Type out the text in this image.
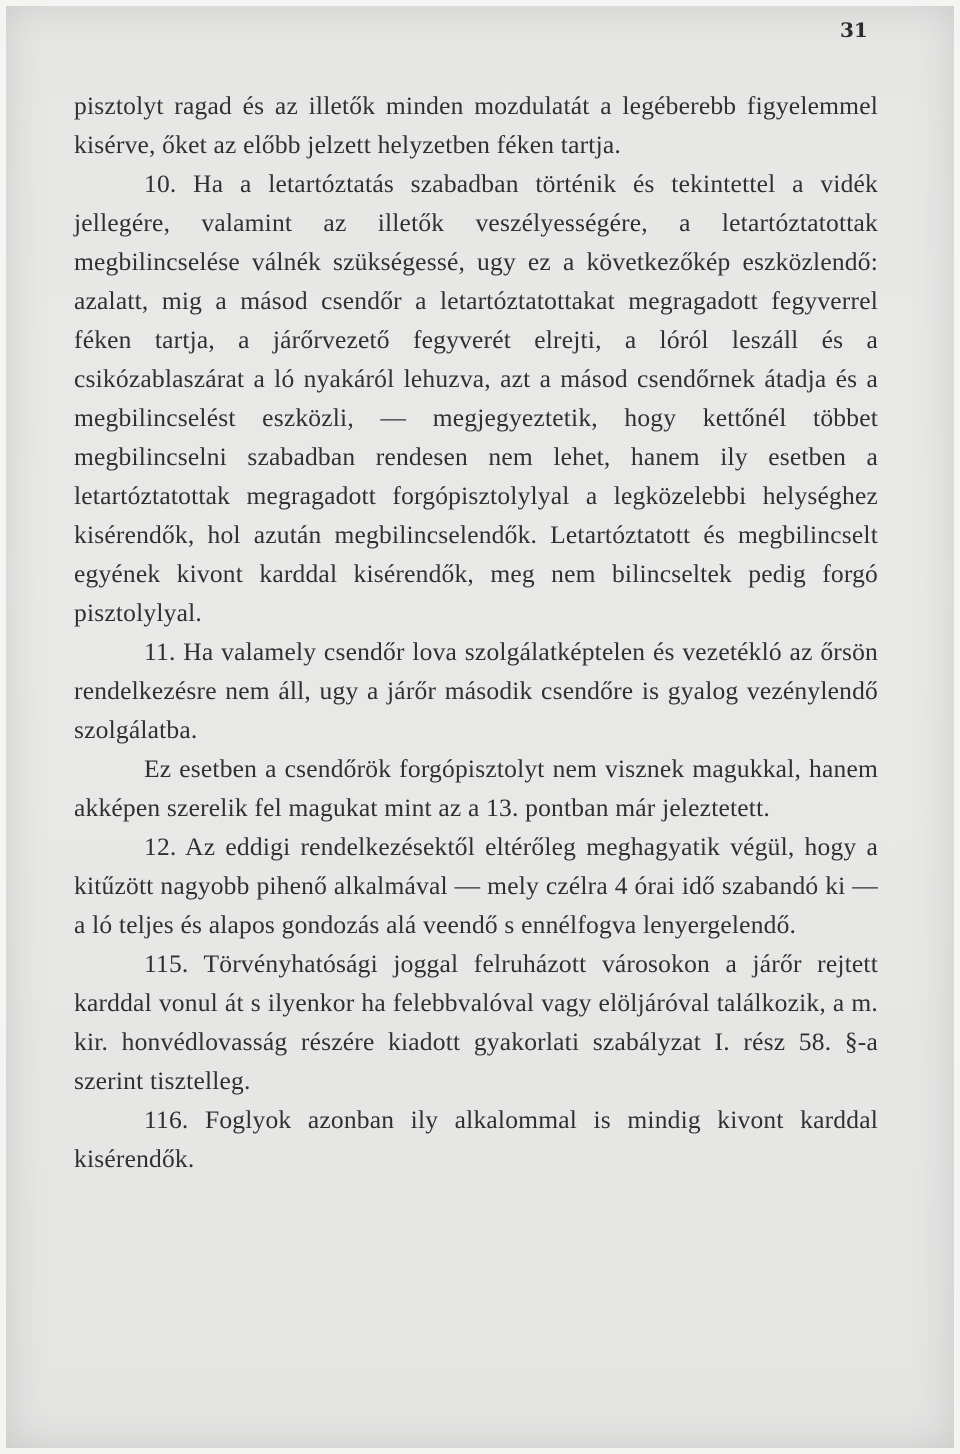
31

pisztolyt ragad és az illetők minden mozdulatát a legéberebb figyelemmel kisérve, őket az előbb jelzett helyzetben féken tartja.

10. Ha a letartóztatás szabadban történik és tekintettel a vidék jellegére, valamint az illetők veszélyességére, a letartóztatottak megbilincselése válnék szükségessé, ugy ez a következőkép eszközlendő: azalatt, mig a másod csendőr a letartóztatottakat megragadott fegyverrel féken tartja, a járőrvezető fegyverét elrejti, a lóról leszáll és a csikózablaszárat a ló nyakáról lehuzva, azt a másod csendőrnek átadja és a megbilincselést eszközli, — megjegyeztetik, hogy kettőnél többet megbilincselni szabadban rendesen nem lehet, hanem ily esetben a letartóztatottak megragadott forgópisztolylyal a legközelebbi helységhez kisérendők, hol azután megbilincselendők. Letartóztatott és megbilincselt egyének kivont karddal kisérendők, meg nem bilincseltek pedig forgó pisztolylyal.

11. Ha valamely csendőr lova szolgálatképtelen és vezetékló az őrsön rendelkezésre nem áll, ugy a járőr második csendőre is gyalog vezénylendő szolgálatba.

Ez esetben a csendőrök forgópisztolyt nem visznek magukkal, hanem akképen szerelik fel magukat mint az a 13. pontban már jeleztetett.

12. Az eddigi rendelkezésektől eltérőleg meghagyatik végül, hogy a kitűzött nagyobb pihenő alkalmával — mely czélra 4 órai idő szabandó ki — a ló teljes és alapos gondozás alá veendő s ennélfogva lenyergelendő.

115. Törvényhatósági joggal felruházott városokon a járőr rejtett karddal vonul át s ilyenkor ha felebbvalóval vagy elöljáróval találkozik, a m. kir. honvédlovasság részére kiadott gyakorlati szabályzat I. rész 58. §-a szerint tisztelleg.

116. Foglyok azonban ily alkalommal is mindig kivont karddal kisérendők.
